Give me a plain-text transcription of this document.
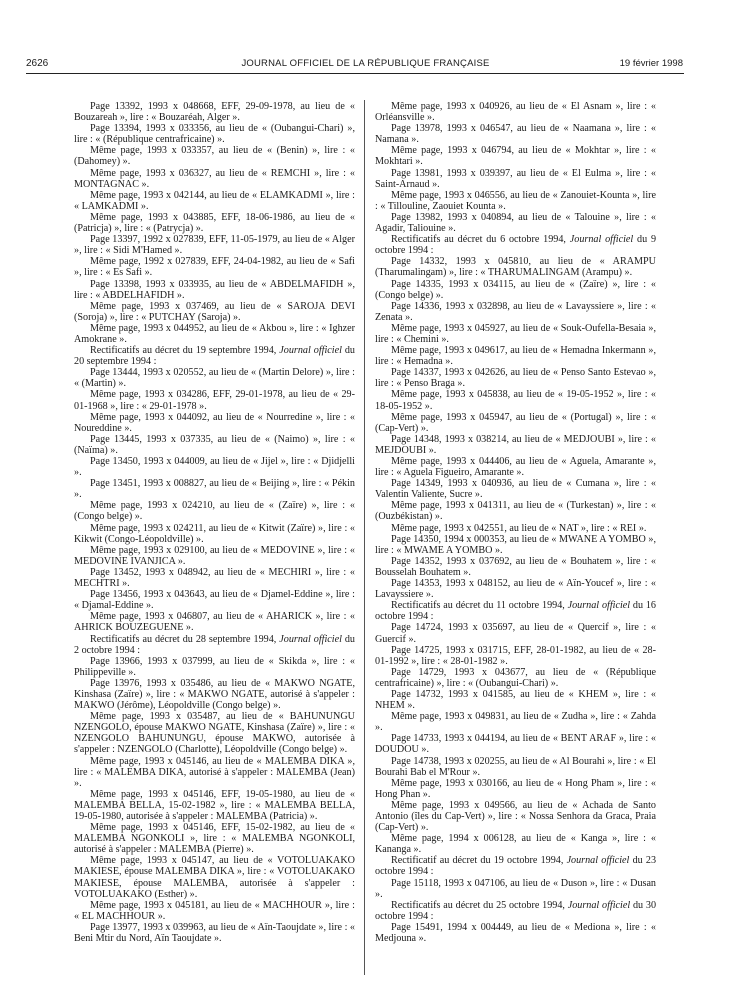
2626	JOURNAL OFFICIEL DE LA RÉPUBLIQUE FRANÇAISE	19 février 1998

Page 13392, 1993 x 048668, EFF, 29-09-1978, au lieu de « Bouzareah », lire : « Bouzaréah, Alger ».

Page 13394, 1993 x 033356, au lieu de « (Oubangui-Chari) », lire : « (République centrafricaine) ».

Même page, 1993 x 033357, au lieu de « (Benin) », lire : « (Dahomey) ».

Même page, 1993 x 036327, au lieu de « REMCHI », lire : « MONTAGNAC ».

Même page, 1993 x 042144, au lieu de « ELAMKADMI », lire : « LAMKADMI ».

Même page, 1993 x 043885, EFF, 18-06-1986, au lieu de « (Patricja) », lire : « (Patrycja) ».

Page 13397, 1992 x 027839, EFF, 11-05-1979, au lieu de « Alger », lire : « Sidi M'Hamed ».

Même page, 1992 x 027839, EFF, 24-04-1982, au lieu de « Safi », lire : « Es Safi ».

Page 13398, 1993 x 033935, au lieu de « ABDELMAFIDH », lire : « ABDELHAFIDH ».

Même page, 1993 x 037469, au lieu de « SAROJA DEVI (Soroja) », lire : « PUTCHAY (Saroja) ».

Même page, 1993 x 044952, au lieu de « Akbou », lire : « Ighzer Amokrane ».

Rectificatifs au décret du 19 septembre 1994, Journal officiel du 20 septembre 1994 :

Page 13444, 1993 x 020552, au lieu de « (Martin Delore) », lire : « (Martin) ».

Même page, 1993 x 034286, EFF, 29-01-1978, au lieu de « 29-01-1968 », lire : « 29-01-1978 ».

Même page, 1993 x 044092, au lieu de « Nourredine », lire : « Noureddine ».

Page 13445, 1993 x 037335, au lieu de « (Naimo) », lire : « (Naïma) ».

Page 13450, 1993 x 044009, au lieu de « Jijel », lire : « Djidjelli ».

Page 13451, 1993 x 008827, au lieu de « Beijing », lire : « Pékin ».

Même page, 1993 x 024210, au lieu de « (Zaïre) », lire : « (Congo belge) ».

Même page, 1993 x 024211, au lieu de « Kitwit (Zaïre) », lire : « Kikwit (Congo-Léopoldville) ».

Même page, 1993 x 029100, au lieu de « MEDOVINE », lire : « MEDOVINE IVANJICA ».

Page 13452, 1993 x 048942, au lieu de « MECHIRI », lire : « MECHTRI ».

Page 13456, 1993 x 043643, au lieu de « Djamel-Eddine », lire : « Djamal-Eddine ».

Même page, 1993 x 046807, au lieu de « AHARICK », lire : « AHRICK BOUZEGUENE ».

Rectificatifs au décret du 28 septembre 1994, Journal officiel du 2 octobre 1994 :

Page 13966, 1993 x 037999, au lieu de « Skikda », lire : « Philippeville ».

Page 13976, 1993 x 035486, au lieu de « MAKWO NGATE, Kinshasa (Zaïre) », lire : « MAKWO NGATE, autorisé à s'appeler : MAKWO (Jérôme), Léopoldville (Congo belge) ».

Même page, 1993 x 035487, au lieu de « BAHUNUNGU NZENGOLO, épouse MAKWO NGATE, Kinshasa (Zaïre) », lire : « NZENGOLO BAHUNUNGU, épouse MAKWO, autorisée à s'appeler : NZENGOLO (Charlotte), Léopoldville (Congo belge) ».

Même page, 1993 x 045146, au lieu de « MALEMBA DIKA », lire : « MALEMBA DIKA, autorisé à s'appeler : MALEMBA (Jean) ».

Même page, 1993 x 045146, EFF, 19-05-1980, au lieu de « MALEMBA BELLA, 15-02-1982 », lire : « MALEMBA BELLA, 19-05-1980, autorisée à s'appeler : MALEMBA (Patricia) ».

Même page, 1993 x 045146, EFF, 15-02-1982, au lieu de « MALEMBA NGONKOLI », lire : « MALEMBA NGONKOLI, autorisé à s'appeler : MALEMBA (Pierre) ».

Même page, 1993 x 045147, au lieu de « VOTOLUAKAKO MAKIESE, épouse MALEMBA DIKA », lire : « VOTOLUAKAKO MAKIESE, épouse MALEMBA, autorisée à s'appeler : VOTOLUAKAKO (Esther) ».

Même page, 1993 x 045181, au lieu de « MACHHOUR », lire : « EL MACHHOUR ».

Page 13977, 1993 x 039963, au lieu de « Aïn-Taoujdate », lire : « Beni Mtir du Nord, Aïn Taoujdate ».

Même page, 1993 x 040926, au lieu de « El Asnam », lire : « Orléansville ».

Page 13978, 1993 x 046547, au lieu de « Naamana », lire : « Namana ».

Même page, 1993 x 046794, au lieu de « Mokhtar », lire : « Mokhtari ».

Page 13981, 1993 x 039397, au lieu de « El Eulma », lire : « Saint-Arnaud ».

Même page, 1993 x 046556, au lieu de « Zanouiet-Kounta », lire : « Tillouline, Zaouiet Kounta ».

Page 13982, 1993 x 040894, au lieu de « Talouine », lire : « Agadir, Taliouine ».

Rectificatifs au décret du 6 octobre 1994, Journal officiel du 9 octobre 1994 :

Page 14332, 1993 x 045810, au lieu de « ARAMPU (Tharumalingam) », lire : « THARUMALINGAM (Arampu) ».

Page 14335, 1993 x 034115, au lieu de « (Zaïre) », lire : « (Congo belge) ».

Page 14336, 1993 x 032898, au lieu de « Lavayssiere », lire : « Zenata ».

Même page, 1993 x 045927, au lieu de « Souk-Oufella-Besaia », lire : « Chemini ».

Même page, 1993 x 049617, au lieu de « Hemadna Inkermann », lire : « Hemadna ».

Page 14337, 1993 x 042626, au lieu de « Penso Santo Estevao », lire : « Penso Braga ».

Même page, 1993 x 045838, au lieu de « 19-05-1952 », lire : « 18-05-1952 ».

Même page, 1993 x 045947, au lieu de « (Portugal) », lire : « (Cap-Vert) ».

Page 14348, 1993 x 038214, au lieu de « MEDJOUBI », lire : « MEJDOUBI ».

Même page, 1993 x 044406, au lieu de « Aguela, Amarante », lire : « Aguela Figueiro, Amarante ».

Page 14349, 1993 x 040936, au lieu de « Cumana », lire : « Valentin Valiente, Sucre ».

Même page, 1993 x 041311, au lieu de « (Turkestan) », lire : « (Ouzbékistan) ».

Même page, 1993 x 042551, au lieu de « NAT », lire : « REI ».

Page 14350, 1994 x 000353, au lieu de « MWANE A YOMBO », lire : « MWAME A YOMBO ».

Page 14352, 1993 x 037692, au lieu de « Bouhatem », lire : « Bousselah Bouhatem ».

Page 14353, 1993 x 048152, au lieu de « Aïn-Youcef », lire : « Lavayssiere ».

Rectificatifs au décret du 11 octobre 1994, Journal officiel du 16 octobre 1994 :

Page 14724, 1993 x 035697, au lieu de « Quercif », lire : « Guercif ».

Page 14725, 1993 x 031715, EFF, 28-01-1982, au lieu de « 28-01-1992 », lire : « 28-01-1982 ».

Page 14729, 1993 x 043677, au lieu de « (République centrafricaine) », lire : « (Oubangui-Chari) ».

Page 14732, 1993 x 041585, au lieu de « KHEM », lire : « NHEM ».

Même page, 1993 x 049831, au lieu de « Zudha », lire : « Zahda ».

Page 14733, 1993 x 044194, au lieu de « BENT ARAF », lire : « DOUDOU ».

Page 14738, 1993 x 020255, au lieu de « Al Bourahi », lire : « El Bourahi Bab el M'Rour ».

Même page, 1993 x 030166, au lieu de « Hong Pham », lire : « Hong Phan ».

Même page, 1993 x 049566, au lieu de « Achada de Santo Antonio (îles du Cap-Vert) », lire : « Nossa Senhora da Graca, Praia (Cap-Vert) ».

Même page, 1994 x 006128, au lieu de « Kanga », lire : « Kananga ».

Rectificatif au décret du 19 octobre 1994, Journal officiel du 23 octobre 1994 :

Page 15118, 1993 x 047106, au lieu de « Duson », lire : « Dusan ».

Rectificatifs au décret du 25 octobre 1994, Journal officiel du 30 octobre 1994 :

Page 15491, 1994 x 004449, au lieu de « Mediona », lire : « Medjouna ».
